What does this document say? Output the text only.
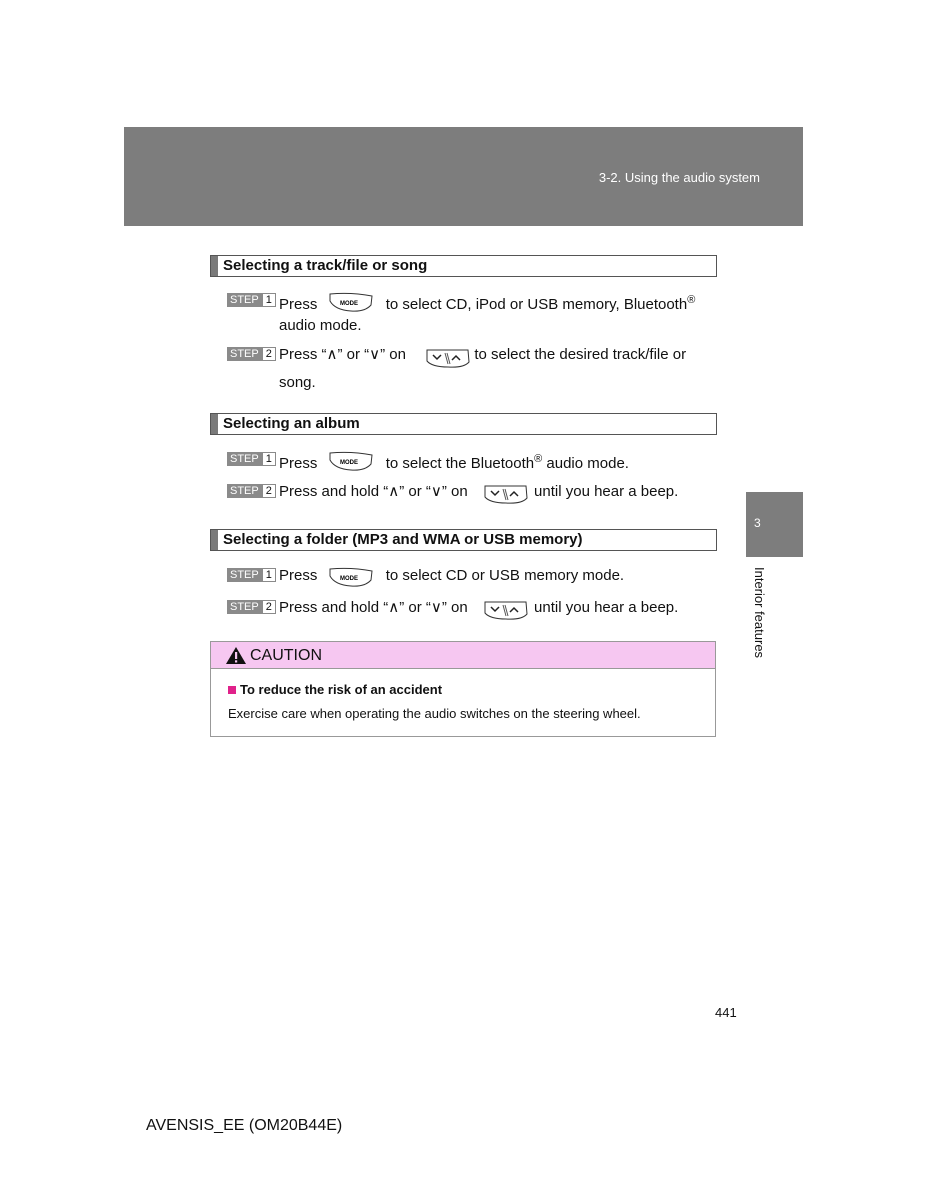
3-2. Using the audio system
3
Interior features
Selecting a track/file or song
STEP 1 Press	to select CD, iPod or USB memory, Bluetooth®
audio mode.
MODE
STEP 2 Press “∧” or “∨” on	to select the desired track/file or
song.
Selecting an album
STEP 1 Press	to select the Bluetooth® audio mode.
MODE
STEP 2 Press and hold “∧” or “∨” on	until you hear a beep.
Selecting a folder (MP3 and WMA or USB memory)
STEP 1 Press	to select CD or USB memory mode.
MODE
STEP 2 Press and hold “∧” or “∨” on	until you hear a beep.
CAUTION
To reduce the risk of an accident
Exercise care when operating the audio switches on the steering wheel.
441
AVENSIS_EE (OM20B44E)
